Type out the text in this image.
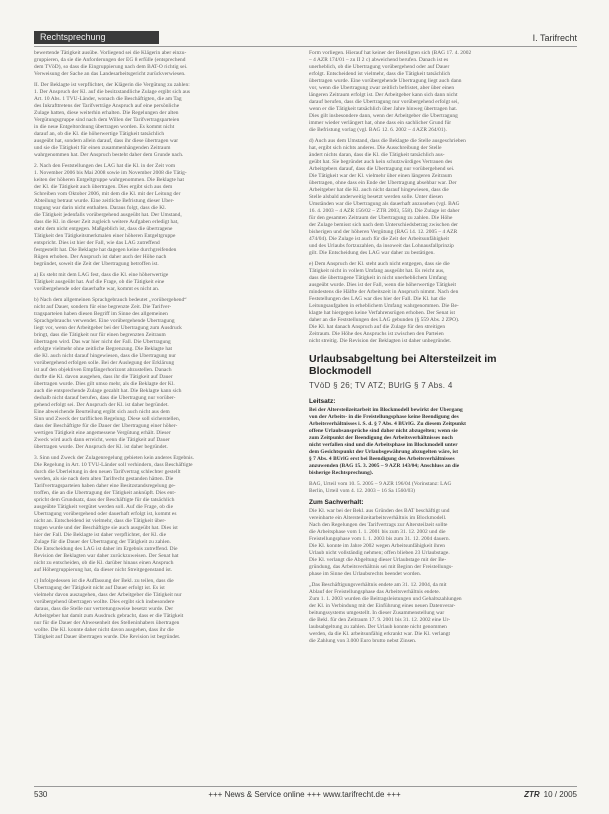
Rechtsprechung	I. Tarifrecht
bewertende Tätigkeit ausübe. Vorliegend sei die Klägerin aber einzu-
gruppieren, da sie die Anforderungen der EG 8 erfülle (entsprechend
dem TVöD), so dass die Eingruppierung nach dem BAT-O richtig sei.
Verweisung der Sache an das Landesarbeitsgericht zurückverwiesen.
II. Der Beklagte ist verpflichtet, der Klägerin die Vergütung zu zahlen:
1. Der Anspruch der Kl. auf die besitzstandliche Zulage ergibt sich aus
Art. 10 Abs. 1 TVÜ-Länder, wonach die Beschäftigten, die am Tag
des Inkrafttretens der Tarifverträge Anspruch auf eine persönliche
Zulage hatten, diese weiterhin erhalten. Die Regelungen der alten
Vergütungsgruppe sind nach dem Willen der Tarifvertragsparteien
in die neue Entgeltordnung übertragen worden. Es kommt nicht
darauf an, ob die Kl. die höherwertige Tätigkeit tatsächlich
ausgeübt hat, sondern allein darauf, dass ihr diese übertragen war
und sie die Tätigkeit für einen zusammenhängenden Zeitraum
wahrgenommen hat. Der Anspruch besteht daher dem Grunde nach.
2. Nach den Feststellungen des LAG hat die Kl. in der Zeit vom
1. November 2006 bis Mai 2008 sowie im November 2008 die Tätig-
keiten der höheren Entgeltgruppe wahrgenommen. Die Beklagte hat
der Kl. die Tätigkeit auch übertragen. Dies ergibt sich aus dem
Schreiben vom Oktober 2006, mit dem die Kl. mit der Leitung der
Abteilung betraut wurde. Eine zeitliche Befristung dieser Über-
tragung war darin nicht enthalten. Daraus folgt, dass die Kl.
die Tätigkeit jedenfalls vorübergehend ausgeübt hat. Der Umstand,
dass die Kl. in dieser Zeit zugleich weitere Aufgaben erledigt hat,
steht dem nicht entgegen. Maßgeblich ist, dass die übertragene
Tätigkeit den Tätigkeitsmerkmalen einer höheren Entgeltgruppe
entspricht. Dies ist hier der Fall, wie das LAG zutreffend
festgestellt hat. Die Beklagte hat dagegen keine durchgreifenden
Rügen erhoben. Der Anspruch ist daher auch der Höhe nach
begründet, soweit die Zeit der Übertragung betroffen ist.
a) Es steht mit dem LAG fest, dass die Kl. eine höherwertige
Tätigkeit ausgeübt hat. Auf die Frage, ob die Tätigkeit eine
vorübergehende oder dauerhafte war, kommt es nicht an.
b) Nach dem allgemeinen Sprachgebrauch bedeutet „vorübergehend“
nicht auf Dauer, sondern für eine begrenzte Zeit. Die Tarifver-
tragsparteien haben diesen Begriff im Sinne des allgemeinen
Sprachgebrauchs verwendet. Eine vorübergehende Übertragung
liegt vor, wenn der Arbeitgeber bei der Übertragung zum Ausdruck
bringt, dass die Tätigkeit nur für einen begrenzten Zeitraum
übertragen wird. Das war hier nicht der Fall. Die Übertragung
erfolgte vielmehr ohne zeitliche Begrenzung. Die Beklagte hat
die Kl. auch nicht darauf hingewiesen, dass die Übertragung nur
vorübergehend erfolgen solle. Bei der Auslegung der Erklärung
ist auf den objektiven Empfängerhorizont abzustellen. Danach
durfte die Kl. davon ausgehen, dass ihr die Tätigkeit auf Dauer
übertragen wurde. Dies gilt umso mehr, als die Beklagte der Kl.
auch die entsprechende Zulage gezahlt hat. Die Beklagte kann sich
deshalb nicht darauf berufen, dass die Übertragung nur vorüber-
gehend erfolgt sei. Der Anspruch der Kl. ist daher begründet.
Eine abweichende Beurteilung ergibt sich auch nicht aus dem
Sinn und Zweck der tariflichen Regelung. Diese soll sicherstellen,
dass der Beschäftigte für die Dauer der Übertragung einer höher-
wertigen Tätigkeit eine angemessene Vergütung erhält. Dieser
Zweck wird auch dann erreicht, wenn die Tätigkeit auf Dauer
übertragen wurde. Der Anspruch der Kl. ist daher begründet.
3. Sinn und Zweck der Zulagenregelung gebieten kein anderes Ergebnis.
Die Regelung in Art. 10 TVÜ-Länder soll verhindern, dass Beschäftigte
durch die Überleitung in den neuen Tarifvertrag schlechter gestellt
werden, als sie nach dem alten Tarifrecht gestanden hätten. Die
Tarifvertragsparteien haben daher eine Besitzstandsregelung ge-
troffen, die an die Übertragung der Tätigkeit anknüpft. Dies ent-
spricht dem Grundsatz, dass der Beschäftigte für die tatsächlich
ausgeübte Tätigkeit vergütet werden soll. Auf die Frage, ob die
Übertragung vorübergehend oder dauerhaft erfolgt ist, kommt es
nicht an. Entscheidend ist vielmehr, dass die Tätigkeit über-
tragen wurde und der Beschäftigte sie auch ausgeübt hat. Dies ist
hier der Fall. Die Beklagte ist daher verpflichtet, der Kl. die
Zulage für die Dauer der Übertragung der Tätigkeit zu zahlen.
Die Entscheidung des LAG ist daher im Ergebnis zutreffend. Die
Revision der Beklagten war daher zurückzuweisen. Der Senat hat
nicht zu entscheiden, ob die Kl. darüber hinaus einen Anspruch
auf Höhergruppierung hat, da dieser nicht Streitgegenstand ist.
c) Infolgedessen ist die Auffassung der Bekl. zu teilen, dass die
Übertragung der Tätigkeit nicht auf Dauer erfolgt ist. Es ist
vielmehr davon auszugehen, dass der Arbeitgeber die Tätigkeit nur
vorübergehend übertragen wollte. Dies ergibt sich insbesondere
daraus, dass die Stelle nur vertretungsweise besetzt wurde. Der
Arbeitgeber hat damit zum Ausdruck gebracht, dass er die Tätigkeit
nur für die Dauer der Abwesenheit des Stelleninhabers übertragen
wollte. Die Kl. konnte daher nicht davon ausgehen, dass ihr die
Tätigkeit auf Dauer übertragen wurde. Die Revision ist begründet.
Form vorliegen. Hierauf hat keiner der Beteiligten sich (BAG 17. 4. 2002
– 4 AZR 174/01 – zu II 2 c) abweichend berufen. Danach ist es
unerheblich, ob die Übertragung vorübergehend oder auf Dauer
erfolgt. Entscheidend ist vielmehr, dass die Tätigkeit tatsächlich
übertragen wurde. Eine vorübergehende Übertragung liegt auch dann
vor, wenn die Übertragung zwar zeitlich befristet, aber über einen
längeren Zeitraum erfolgt ist. Der Arbeitgeber kann sich dann nicht
darauf berufen, dass die Übertragung nur vorübergehend erfolgt sei,
wenn er die Tätigkeit tatsächlich über Jahre hinweg übertragen hat.
Dies gilt insbesondere dann, wenn der Arbeitgeber die Übertragung
immer wieder verlängert hat, ohne dass ein sachlicher Grund für
die Befristung vorlag (vgl. BAG 12. 6. 2002 – 4 AZR 264/01).
d) Auch aus dem Umstand, dass die Beklagte die Stelle ausgeschrieben
hat, ergibt sich nichts anderes. Die Ausschreibung der Stelle
ändert nichts daran, dass die Kl. die Tätigkeit tatsächlich aus-
geübt hat. Sie begründet auch kein schutzwürdiges Vertrauen des
Arbeitgebers darauf, dass die Übertragung nur vorübergehend sei.
Die Tätigkeit war der Kl. vielmehr über einen längeren Zeitraum
übertragen, ohne dass ein Ende der Übertragung absehbar war. Der
Arbeitgeber hat die Kl. auch nicht darauf hingewiesen, dass die
Stelle alsbald anderweitig besetzt werden solle. Unter diesen
Umständen war die Übertragung als dauerhaft anzusehen (vgl. BAG
16. 4. 2003 – 4 AZR 156/02 – ZTR 2003, 558). Die Zulage ist daher
für den gesamten Zeitraum der Übertragung zu zahlen. Die Höhe
der Zulage bemisst sich nach dem Unterschiedsbetrag zwischen der
bisherigen und der höheren Vergütung (BAG 14. 12. 2005 – 4 AZR
474/04). Die Zulage ist auch für die Zeit der Arbeitsunfähigkeit
und des Urlaubs fortzuzahlen, da insoweit das Lohnausfallprinzip
gilt. Die Entscheidung des LAG war daher zu bestätigen.
e) Dem Anspruch der Kl. steht auch nicht entgegen, dass sie die
Tätigkeit nicht in vollem Umfang ausgeübt hat. Es reicht aus,
dass die übertragene Tätigkeit in nicht unerheblichem Umfang
ausgeübt wurde. Dies ist der Fall, wenn die höherwertige Tätigkeit
mindestens die Hälfte der Arbeitszeit in Anspruch nimmt. Nach den
Feststellungen des LAG war dies hier der Fall. Die Kl. hat die
Leitungsaufgaben in erheblichem Umfang wahrgenommen. Die Be-
klagte hat hiergegen keine Verfahrensrügen erhoben. Der Senat ist
daher an die Feststellungen des LAG gebunden (§ 559 Abs. 2 ZPO).
Die Kl. hat danach Anspruch auf die Zulage für den streitigen
Zeitraum. Die Höhe des Anspruchs ist zwischen den Parteien
nicht streitig. Die Revision der Beklagten ist daher unbegründet.
Urlaubsabgeltung bei Altersteilzeit im
Blockmodell
TVöD § 26; TV ATZ; BUrlG § 7 Abs. 4
Leitsatz:
Bei der Altersteilzeitarbeit im Blockmodell bewirkt der Übergang
von der Arbeits- in die Freistellungsphase keine Beendigung des
Arbeitsverhältnisses i. S. d. § 7 Abs. 4 BUrlG. Zu diesem Zeitpunkt
offene Urlaubsansprüche sind daher nicht abzugelten; wenn sie
zum Zeitpunkt der Beendigung des Arbeitsverhältnisses noch
nicht verfallen sind und die Arbeitsphase im Blockmodell unter
dem Gesichtspunkt der Urlaubsgewährung abzugelten wäre, ist
§ 7 Abs. 4 BUrlG erst bei Beendigung des Arbeitsverhältnisses
anzuwenden (BAG 15. 3. 2005 – 9 AZR 143/04; Anschluss an die
bisherige Rechtsprechung).
BAG, Urteil vom 10. 5. 2005 – 9 AZR 196/04 (Vorinstanz: LAG
Berlin, Urteil vom 4. 12. 2003 – 16 Sa 1560/03)
Zum Sachverhalt:
Die Kl. war bei der Bekl. aus Gründen des BAT beschäftigt und
vereinbarte ein Altersteilzeitarbeitsverhältnis im Blockmodell.
Nach den Regelungen des Tarifvertrags zur Altersteilzeit sollte
die Arbeitsphase vom 1. 1. 2001 bis zum 31. 12. 2002 und die
Freistellungsphase vom 1. 1. 2003 bis zum 31. 12. 2004 dauern.
Die Kl. konnte im Jahre 2002 wegen Arbeitsunfähigkeit ihren
Urlaub nicht vollständig nehmen; offen blieben 23 Urlaubstage.
Die Kl. verlangt die Abgeltung dieser Urlaubstage mit der Be-
gründung, das Arbeitsverhältnis sei mit Beginn der Freistellungs-
phase im Sinne des Urlaubsrechts beendet worden.
„Das Beschäftigungsverhältnis endete am 31. 12. 2004, da mit
Ablauf der Freistellungsphase das Arbeitsverhältnis endete.
Zum 1. 1. 2003 wurden die Beitragsleistungen und Gehaltszahlungen
der Kl. in Verbindung mit der Einführung eines neuen Datenverar-
beitungssystems umgestellt. In dieser Zusammenstellung war
die Bekl. für den Zeitraum 17. 9. 2001 bis 31. 12. 2002 eine Ur-
laubsabgeltung zu zahlen. Der Urlaub konnte nicht genommen
werden, da die Kl. arbeitsunfähig erkrankt war. Die Kl. verlangt
die Zahlung von 3.000 Euro brutto nebst Zinsen.
530	+++ News & Service online +++ www.tarifrecht.de +++	ZTR 10 / 2005
